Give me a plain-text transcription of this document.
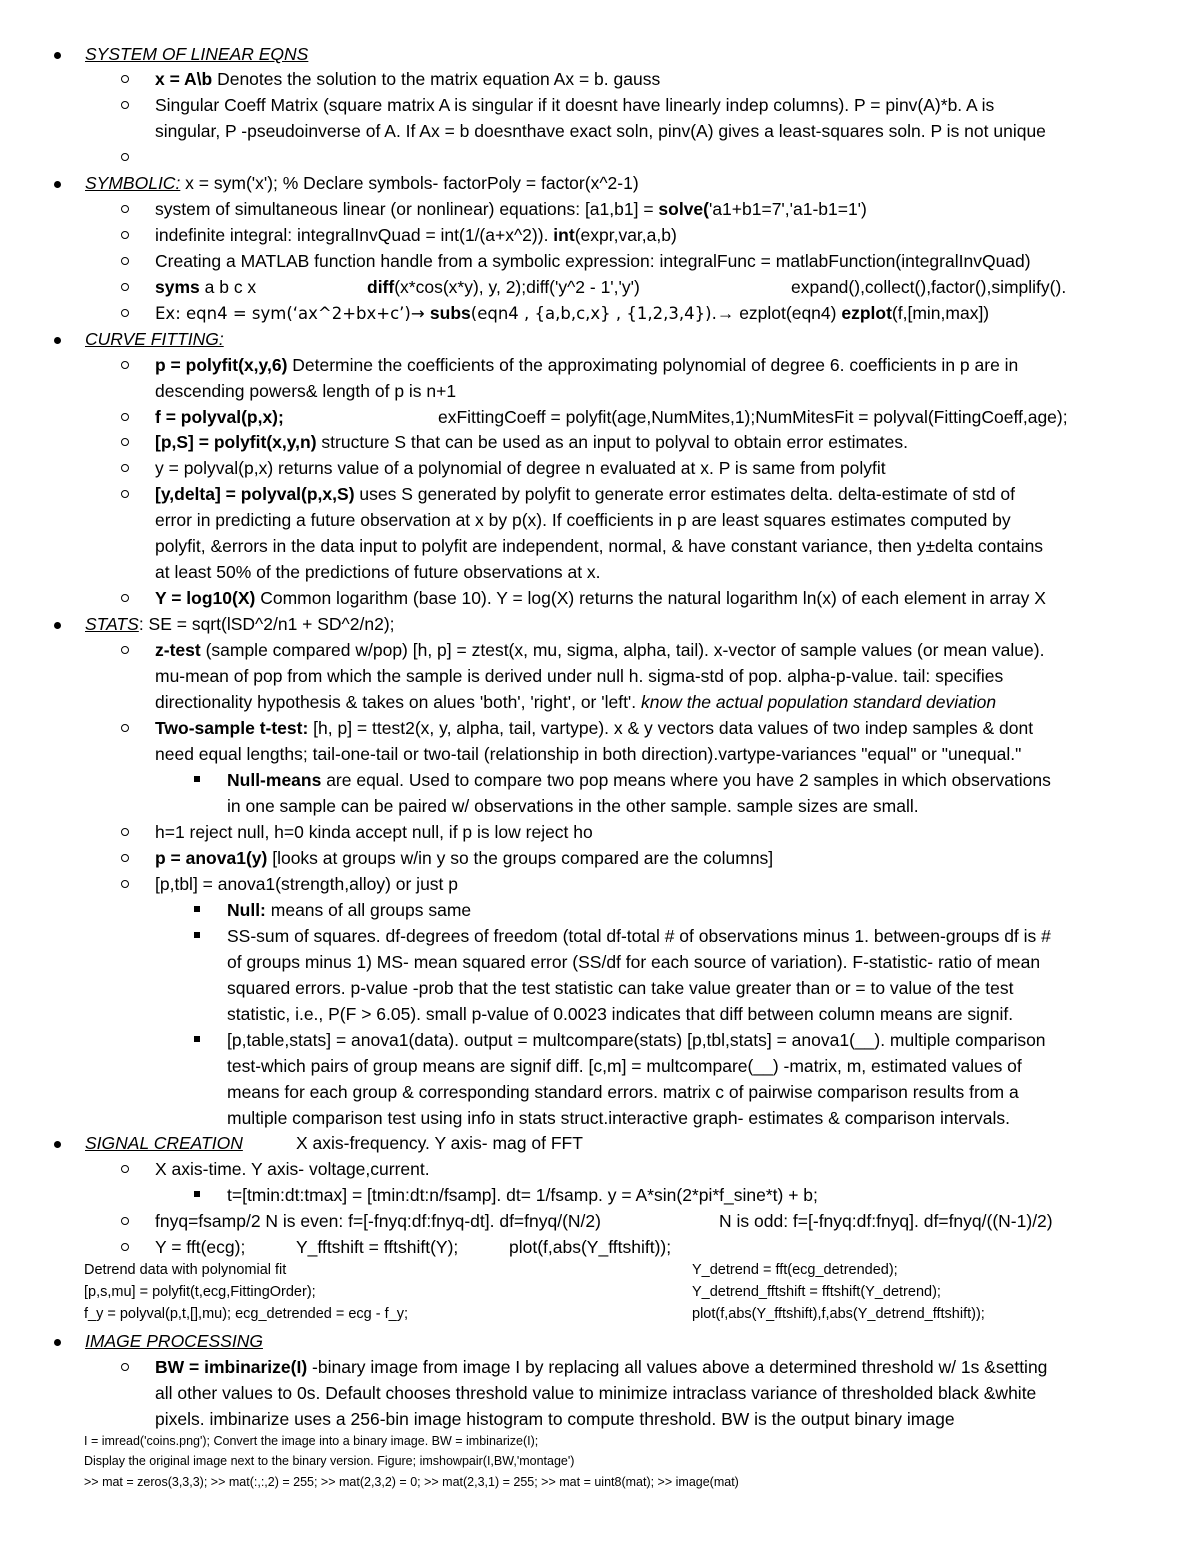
SYSTEM OF LINEAR EQNS
x = A\b Denotes the solution to the matrix equation Ax = b. gauss
Singular Coeff Matrix (square matrix A is singular if it doesnt have linearly indep columns). P = pinv(A)*b. A is
singular, P -pseudoinverse of A. If Ax = b doesnthave exact soln, pinv(A) gives a least-squares soln. P is not unique
SYMBOLIC: x = sym('x'); % Declare symbols- factorPoly = factor(x^2-1)
system of simultaneous linear (or nonlinear) equations: [a1,b1] = solve('a1+b1=7','a1-b1=1')
indefinite integral: integralInvQuad = int(1/(a+x^2)). int(expr,var,a,b)
Creating a MATLAB function handle from a symbolic expression: integralFunc = matlabFunction(integralInvQuad)
syms a b c x	diff(x*cos(x*y), y, 2);diff('y^2 - 1','y')	expand(),collect(),factor(),simplify().
Ex: eqn4 = sym(‘ax^2+bx+c’)→ subs(eqn4 , {a,b,c,x} , {1,2,3,4}).→ ezplot(eqn4) ezplot(f,[min,max])
CURVE FITTING:
p = polyfit(x,y,6) Determine the coefficients of the approximating polynomial of degree 6. coefficients in p are in
descending powers& length of p is n+1
f = polyval(p,x);	exFittingCoeff = polyfit(age,NumMites,1);NumMitesFit = polyval(FittingCoeff,age);
[p,S] = polyfit(x,y,n) structure S that can be used as an input to polyval to obtain error estimates.
y = polyval(p,x) returns value of a polynomial of degree n evaluated at x. P is same from polyfit
[y,delta] = polyval(p,x,S) uses S generated by polyfit to generate error estimates delta. delta-estimate of std of
error in predicting a future observation at x by p(x). If coefficients in p are least squares estimates computed by
polyfit, &errors in the data input to polyfit are independent, normal, & have constant variance, then y±delta contains
at least 50% of the predictions of future observations at x.
Y = log10(X) Common logarithm (base 10). Y = log(X) returns the natural logarithm ln(x) of each element in array X
STATS: SE = sqrt(lSD^2/n1 + SD^2/n2);
z-test (sample compared w/pop) [h, p] = ztest(x, mu, sigma, alpha, tail). x-vector of sample values (or mean value).
mu-mean of pop from which the sample is derived under null h. sigma-std of pop. alpha-p-value. tail: specifies
directionality hypothesis & takes on alues 'both', 'right', or 'left'. know the actual population standard deviation
Two-sample t-test: [h, p] = ttest2(x, y, alpha, tail, vartype). x & y vectors data values of two indep samples & dont
need equal lengths; tail-one-tail or two-tail (relationship in both direction).vartype-variances "equal" or "unequal."
Null-means are equal. Used to compare two pop means where you have 2 samples in which observations
in one sample can be paired w/ observations in the other sample. sample sizes are small.
h=1 reject null, h=0 kinda accept null, if p is low reject ho
p = anova1(y) [looks at groups w/in y so the groups compared are the columns]
[p,tbl] = anova1(strength,alloy) or just p
Null: means of all groups same
SS-sum of squares. df-degrees of freedom (total df-total # of observations minus 1. between-groups df is #
of groups minus 1) MS- mean squared error (SS/df for each source of variation). F-statistic- ratio of mean
squared errors. p-value -prob that the test statistic can take value greater than or = to value of the test
statistic, i.e., P(F > 6.05). small p-value of 0.0023 indicates that diff between column means are signif.
[p,table,stats] = anova1(data). output = multcompare(stats) [p,tbl,stats] = anova1(__). multiple comparison
test-which pairs of group means are signif diff. [c,m] = multcompare(__) -matrix, m, estimated values of
means for each group & corresponding standard errors. matrix c of pairwise comparison results from a
multiple comparison test using info in stats struct.interactive graph- estimates & comparison intervals.
SIGNAL CREATION	X axis-frequency. Y axis- mag of FFT
X axis-time. Y axis- voltage,current.
t=[tmin:dt:tmax] = [tmin:dt:n/fsamp]. dt= 1/fsamp. y = A*sin(2*pi*f_sine*t) + b;
fnyq=fsamp/2 N is even: f=[-fnyq:df:fnyq-dt]. df=fnyq/(N/2)	N is odd: f=[-fnyq:df:fnyq]. df=fnyq/((N-1)/2)
Y = fft(ecg);	Y_fftshift = fftshift(Y);	plot(f,abs(Y_fftshift));
Detrend data with polynomial fit
[p,s,mu] = polyfit(t,ecg,FittingOrder);
f_y = polyval(p,t,[],mu); ecg_detrended = ecg - f_y;
Y_detrend = fft(ecg_detrended);
Y_detrend_fftshift = fftshift(Y_detrend);
plot(f,abs(Y_fftshift),f,abs(Y_detrend_fftshift));
IMAGE PROCESSING
BW = imbinarize(I) -binary image from image I by replacing all values above a determined threshold w/ 1s &setting
all other values to 0s. Default chooses threshold value to minimize intraclass variance of thresholded black &white
pixels. imbinarize uses a 256-bin image histogram to compute threshold. BW is the output binary image
I = imread('coins.png'); Convert the image into a binary image. BW = imbinarize(I);
Display the original image next to the binary version. Figure; imshowpair(I,BW,'montage')
>> mat = zeros(3,3,3); >> mat(:,:,2) = 255; >> mat(2,3,2) = 0; >> mat(2,3,1) = 255; >> mat = uint8(mat); >> image(mat)
